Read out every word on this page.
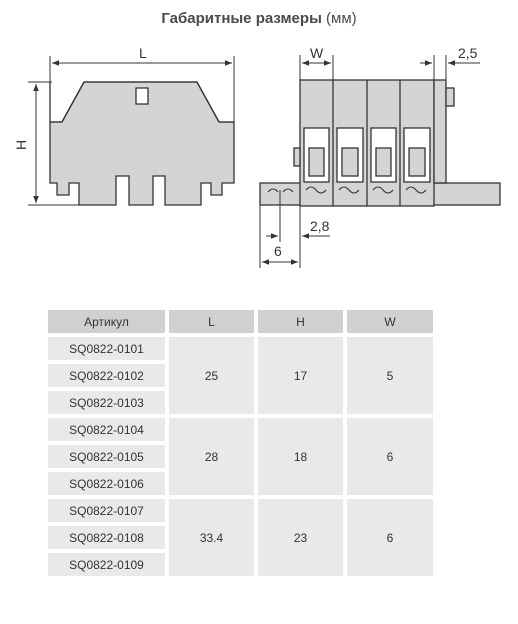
Габаритные размеры (мм)
L
H
W	2,5
2,8
6
Артикул	L	H	W
SQ0822-0101	25	17	5
SQ0822-0102			
SQ0822-0103			
SQ0822-0104	28	18	6
SQ0822-0105			
SQ0822-0106			
SQ0822-0107	33.4	23	6
SQ0822-0108			
SQ0822-0109			
